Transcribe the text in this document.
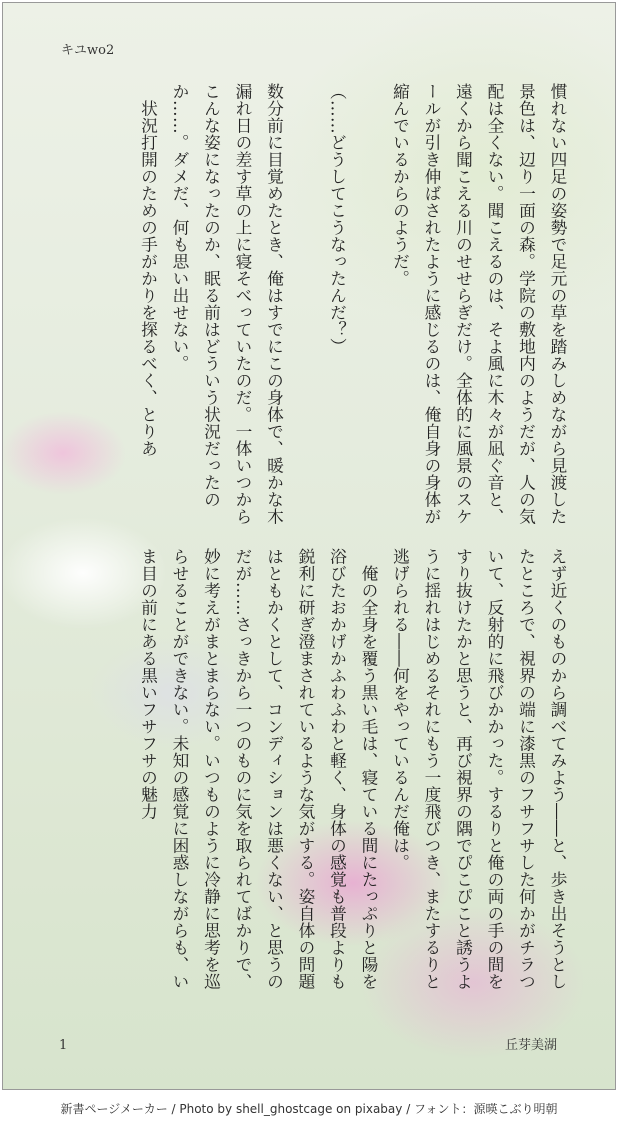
キユwo2

慣れない四足の姿勢で足元の草を踏みしめながら見渡した景色は、辺り一面の森。学院の敷地内のようだが、人の気配は全くない。聞こえるのは、そよ風に木々が凪ぐ音と、遠くから聞こえる川のせせらぎだけ。全体的に風景のスケールが引き伸ばされたように感じるのは、俺自身の身体が縮んでいるからのようだ。

（……どうしてこうなったんだ？）

数分前に目覚めたとき、俺はすでにこの身体で、暖かな木漏れ日の差す草の上に寝そべっていたのだ。一体いつからこんな姿になったのか、眠る前はどういう状況だったのか……。ダメだ、何も思い出せない。

　状況打開のための手がかりを探るべく、とりあ

えず近くのものから調べてみよう――と、歩き出そうとしたところで、視界の端に漆黒のフサフサした何かがチラついて、反射的に飛びかかった。するりと俺の両の手の間をすり抜けたかと思うと、再び視界の隅でぴこぴこと誘うように揺れはじめるそれにもう一度飛びつき、またするりと逃げられる――何をやっているんだ俺は。

　俺の全身を覆う黒い毛は、寝ている間にたっぷりと陽を浴びたおかげかふわふわと軽く、身体の感覚も普段よりも鋭利に研ぎ澄まされているような気がする。姿自体の問題はともかくとして、コンディションは悪くない、と思うのだが……さっきから一つのものに気を取られてばかりで、妙に考えがまとまらない。いつものように冷静に思考を巡らせることができない。未知の感覚に困惑しながらも、いま目の前にある黒いフサフサの魅力

1	丘芽美湖
新書ページメーカー / Photo by shell_ghostcage on pixabay / フォント：源暎こぶり明朝
